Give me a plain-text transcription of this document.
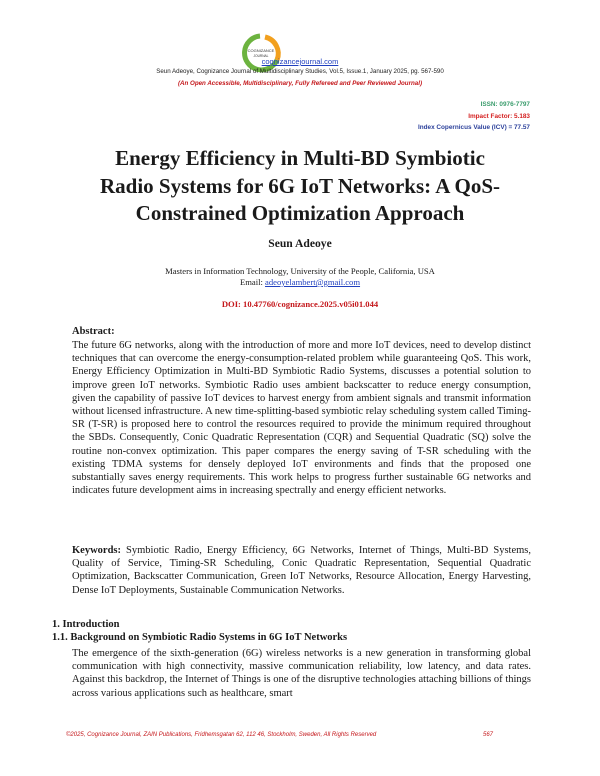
COGNIZANCE
JOURNAL
cognizancejournal.com
Seun Adeoye, Cognizance Journal of Multidisciplinary Studies, Vol.5, Issue.1, January 2025, pg. 567-590
(An Open Accessible, Multidisciplinary, Fully Refereed and Peer Reviewed Journal)
ISSN: 0976-7797
Impact Factor: 5.183
Index Copernicus Value (ICV) = 77.57
Energy Efficiency in Multi-BD Symbiotic
Radio Systems for 6G IoT Networks: A QoS-
Constrained Optimization Approach
Seun Adeoye
Masters in Information Technology, University of the People, California, USA
Email: adeoyelambert@gmail.com
DOI: 10.47760/cognizance.2025.v05i01.044
Abstract:

The future 6G networks, along with the introduction of more and more IoT devices, need to develop distinct techniques that can overcome the energy-consumption-related problem while guaranteeing QoS. This work, Energy Efficiency Optimization in Multi-BD Symbiotic Radio Systems, discusses a potential solution to improve green IoT networks. Symbiotic Radio uses ambient backscatter to reduce energy consumption, given the capability of passive IoT devices to harvest energy from ambient signals and transmit information without licensed infrastructure. A new time-splitting-based symbiotic relay scheduling system called Timing-SR (T-SR) is proposed here to control the resources required to provide the minimum required throughout the SBDs. Consequently, Conic Quadratic Representation (CQR) and Sequential Quadratic (SQ) solve the routine non-convex optimization. This paper compares the energy saving of T-SR scheduling with the existing TDMA systems for densely deployed IoT environments and finds that the proposed one substantially saves energy requirements. This work helps to progress further sustainable 6G networks and indicates future development aims in increasing spectrally and energy efficient networks.

Keywords: Symbiotic Radio, Energy Efficiency, 6G Networks, Internet of Things, Multi-BD Systems, Quality of Service, Timing-SR Scheduling, Conic Quadratic Representation, Sequential Quadratic Optimization, Backscatter Communication, Green IoT Networks, Resource Allocation, Energy Harvesting, Dense IoT Deployments, Sustainable Communication Networks.

1. Introduction
1.1. Background on Symbiotic Radio Systems in 6G IoT Networks

The emergence of the sixth-generation (6G) wireless networks is a new generation in transforming global communication with high connectivity, massive communication reliability, low latency, and data rates. Against this backdrop, the Internet of Things is one of the disruptive technologies attaching billions of things across various applications such as healthcare, smart

©2025, Cognizance Journal, ZAIN Publications, Fridhemsgatan 62, 112 46, Stockholm, Sweden, All Rights Reserved	567
